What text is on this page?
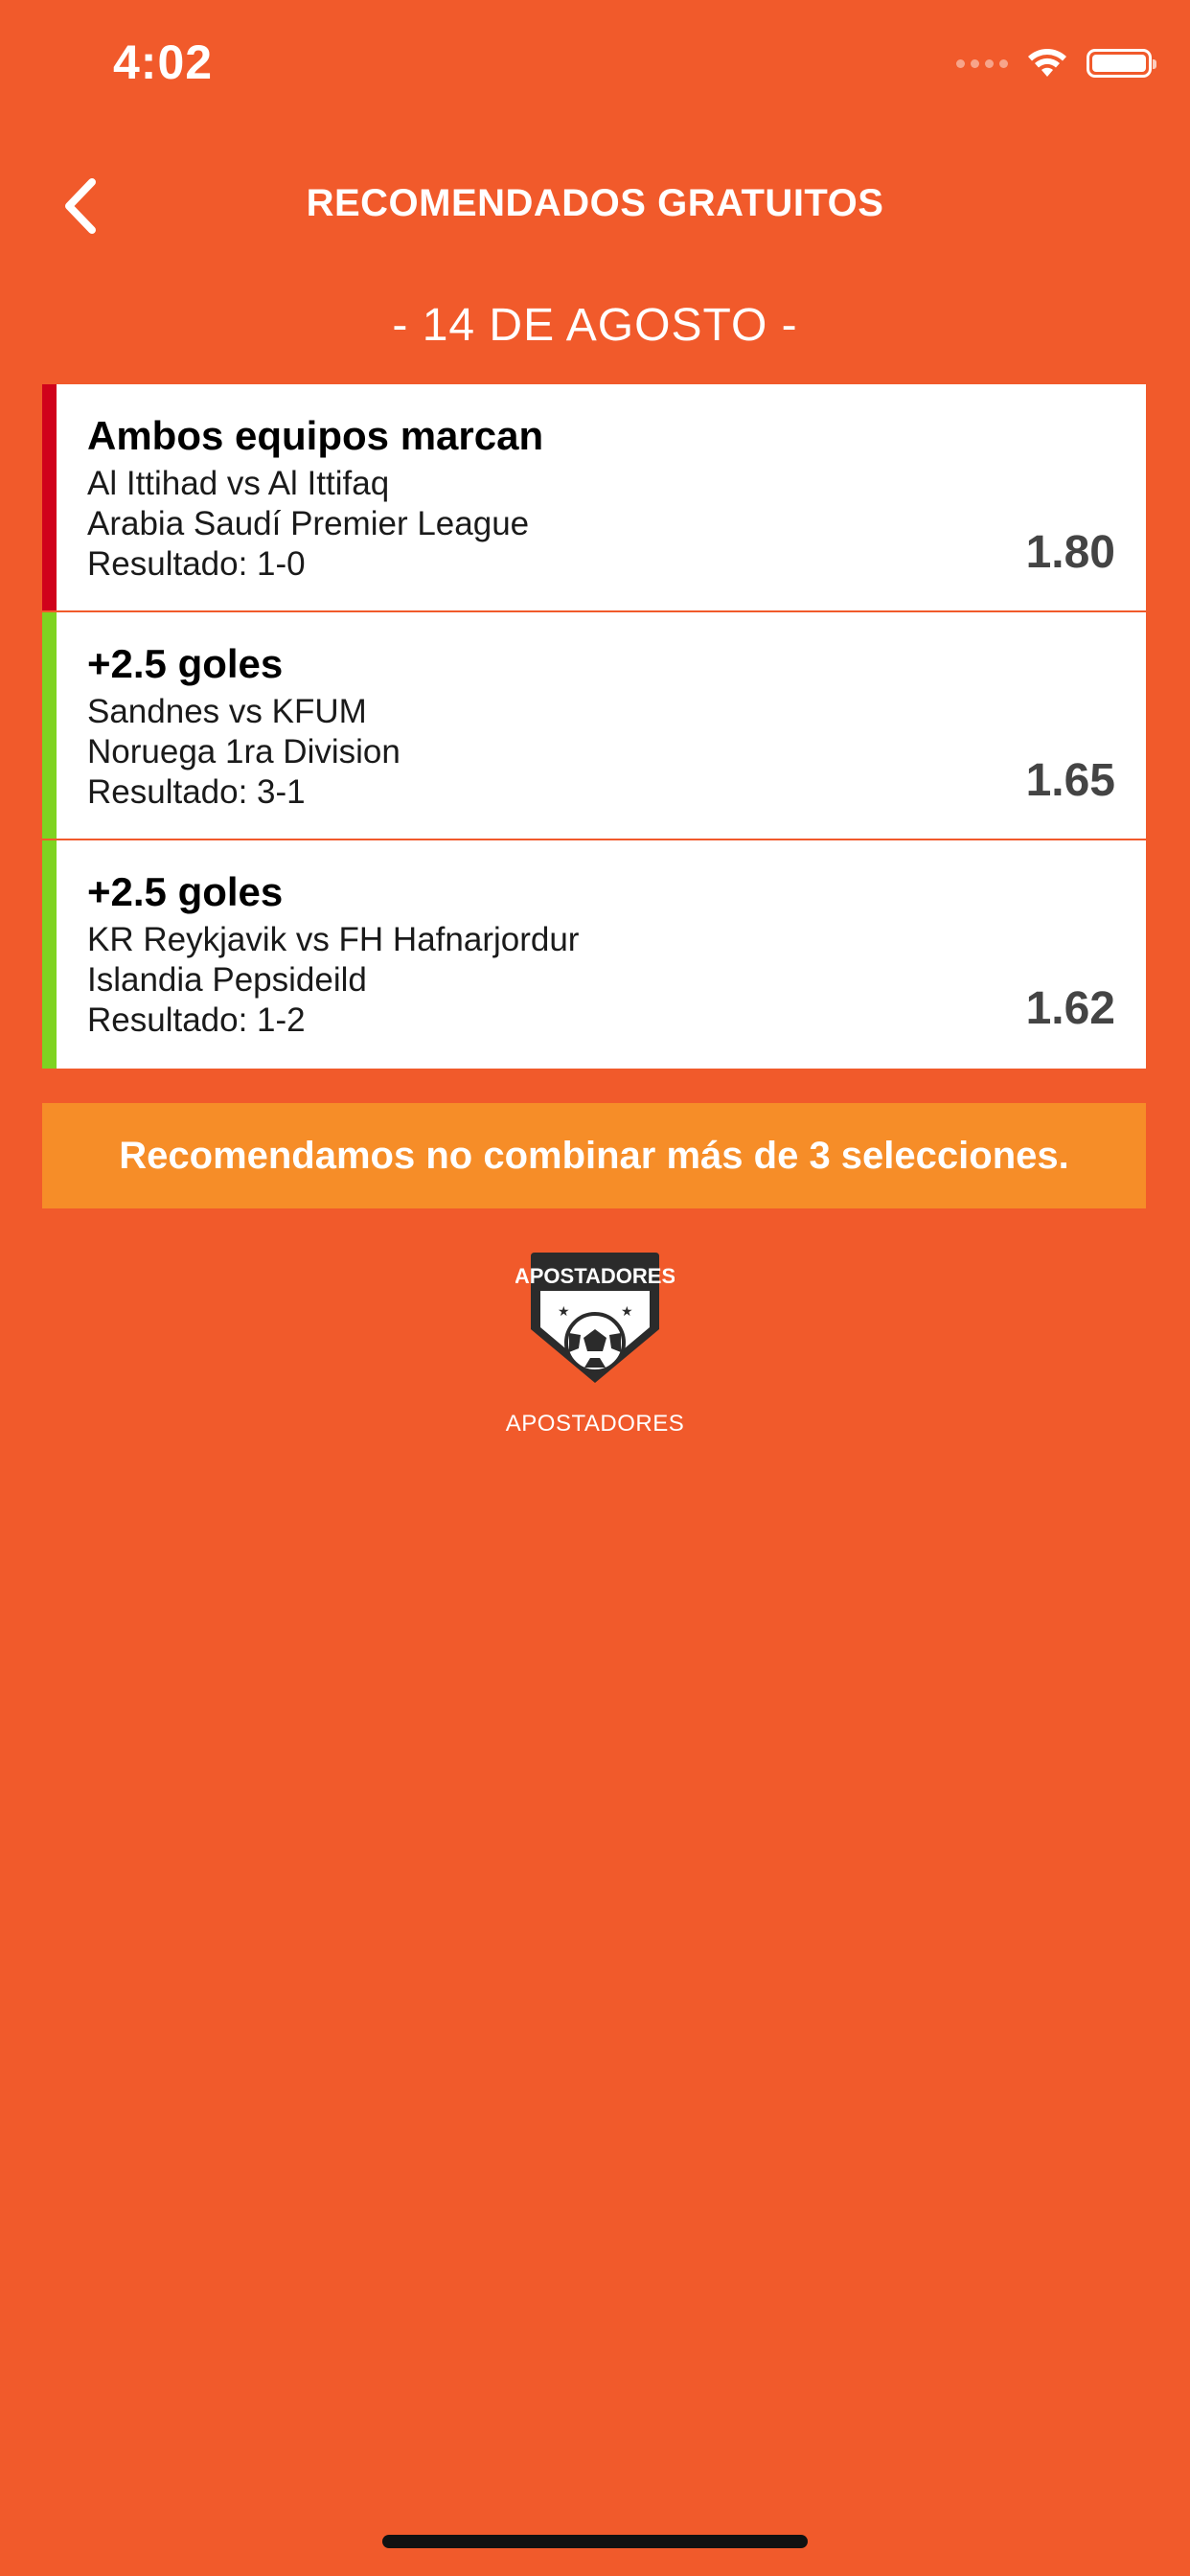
4:02
RECOMENDADOS GRATUITOS
- 14 DE AGOSTO -
Ambos equipos marcan
Al Ittihad vs Al Ittifaq
Arabia Saudí Premier League
Resultado: 1-0	1.80
+2.5 goles
Sandnes vs KFUM
Noruega 1ra Division
Resultado: 3-1	1.65
+2.5 goles
KR Reykjavik vs FH Hafnarjordur
Islandia Pepsideild
Resultado: 1-2	1.62
Recomendamos no combinar más de 3 selecciones.
APOSTADORES
★	★
APOSTADORES
